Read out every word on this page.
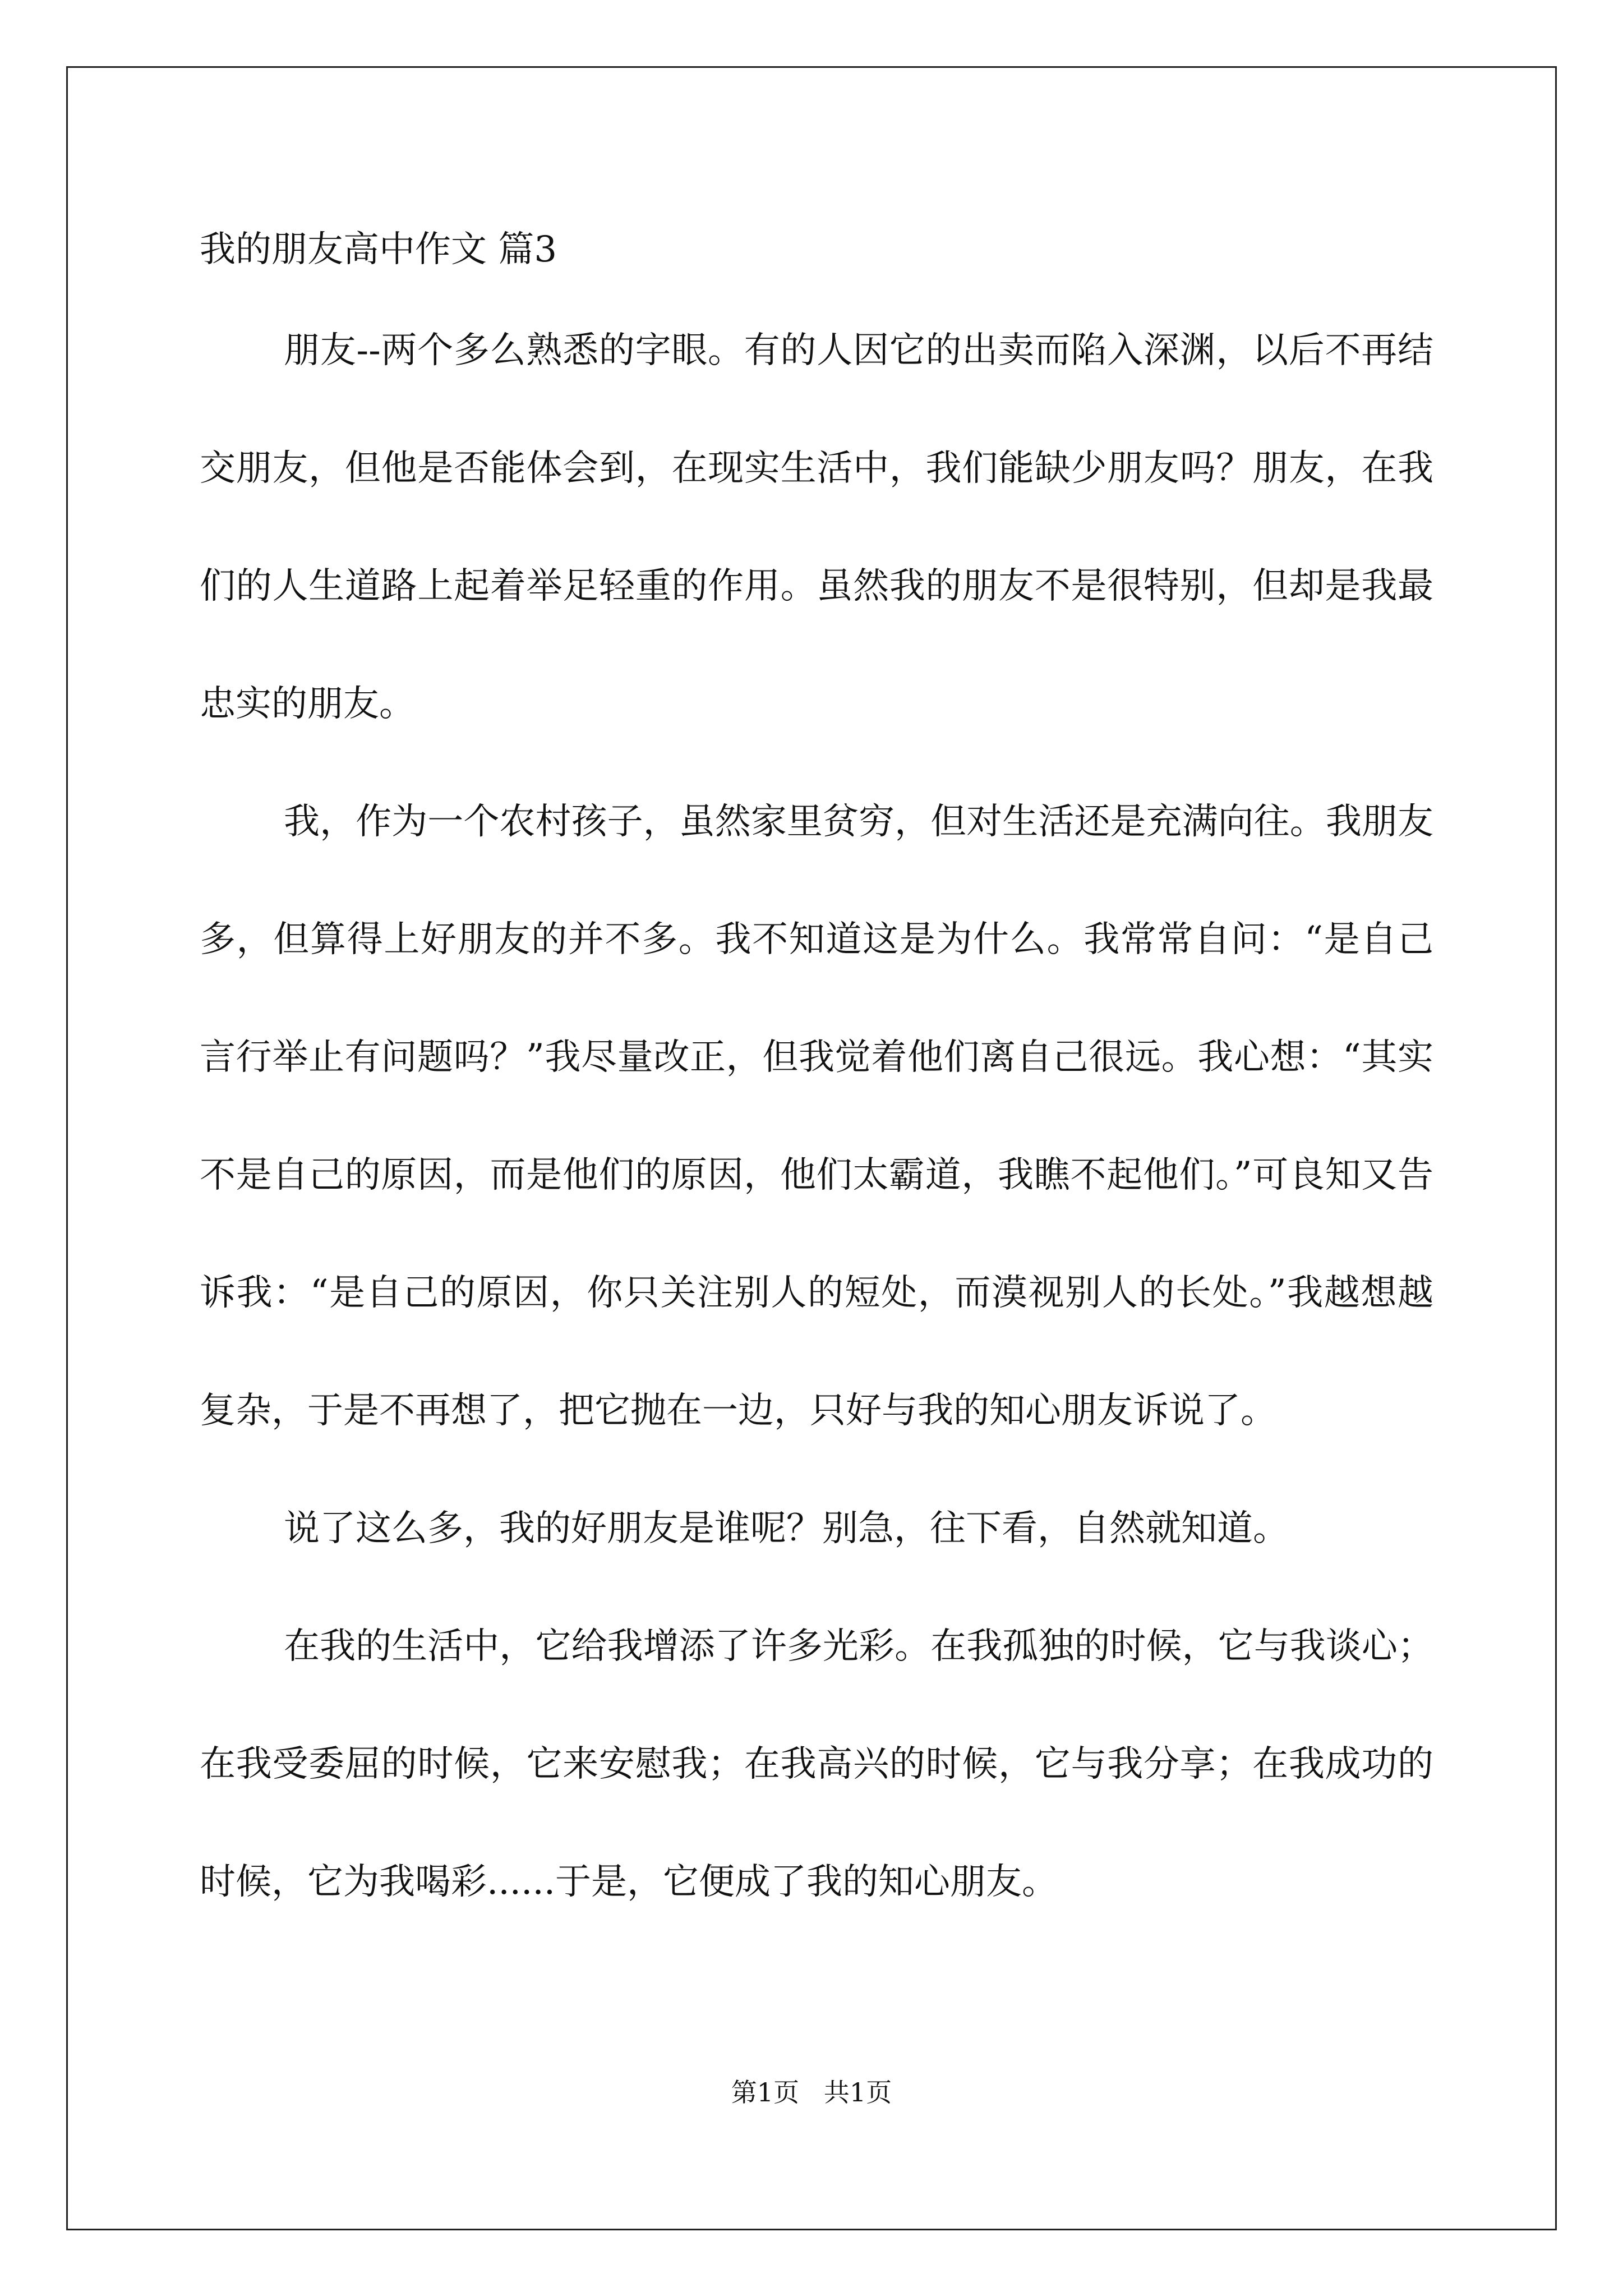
我的朋友高中作文 篇3

朋友--两个多么熟悉的字眼。有的人因它的出卖而陷入深渊，以后不再结交朋友，但他是否能体会到，在现实生活中，我们能缺少朋友吗？朋友，在我们的人生道路上起着举足轻重的作用。虽然我的朋友不是很特别，但却是我最忠实的朋友。

我，作为一个农村孩子，虽然家里贫穷，但对生活还是充满向往。我朋友多，但算得上好朋友的并不多。我不知道这是为什么。我常常自问：“是自己言行举止有问题吗？”我尽量改正，但我觉着他们离自己很远。我心想：“其实不是自己的原因，而是他们的原因，他们太霸道，我瞧不起他们。”可良知又告诉我：“是自己的原因，你只关注别人的短处，而漠视别人的长处。”我越想越复杂，于是不再想了，把它抛在一边，只好与我的知心朋友诉说了。

说了这么多，我的好朋友是谁呢？别急，往下看，自然就知道。

在我的生活中，它给我增添了许多光彩。在我孤独的时候，它与我谈心；在我受委屈的时候，它来安慰我；在我高兴的时候，它与我分享；在我成功的时候，它为我喝彩......于是，它便成了我的知心朋友。

第1页   共1页
